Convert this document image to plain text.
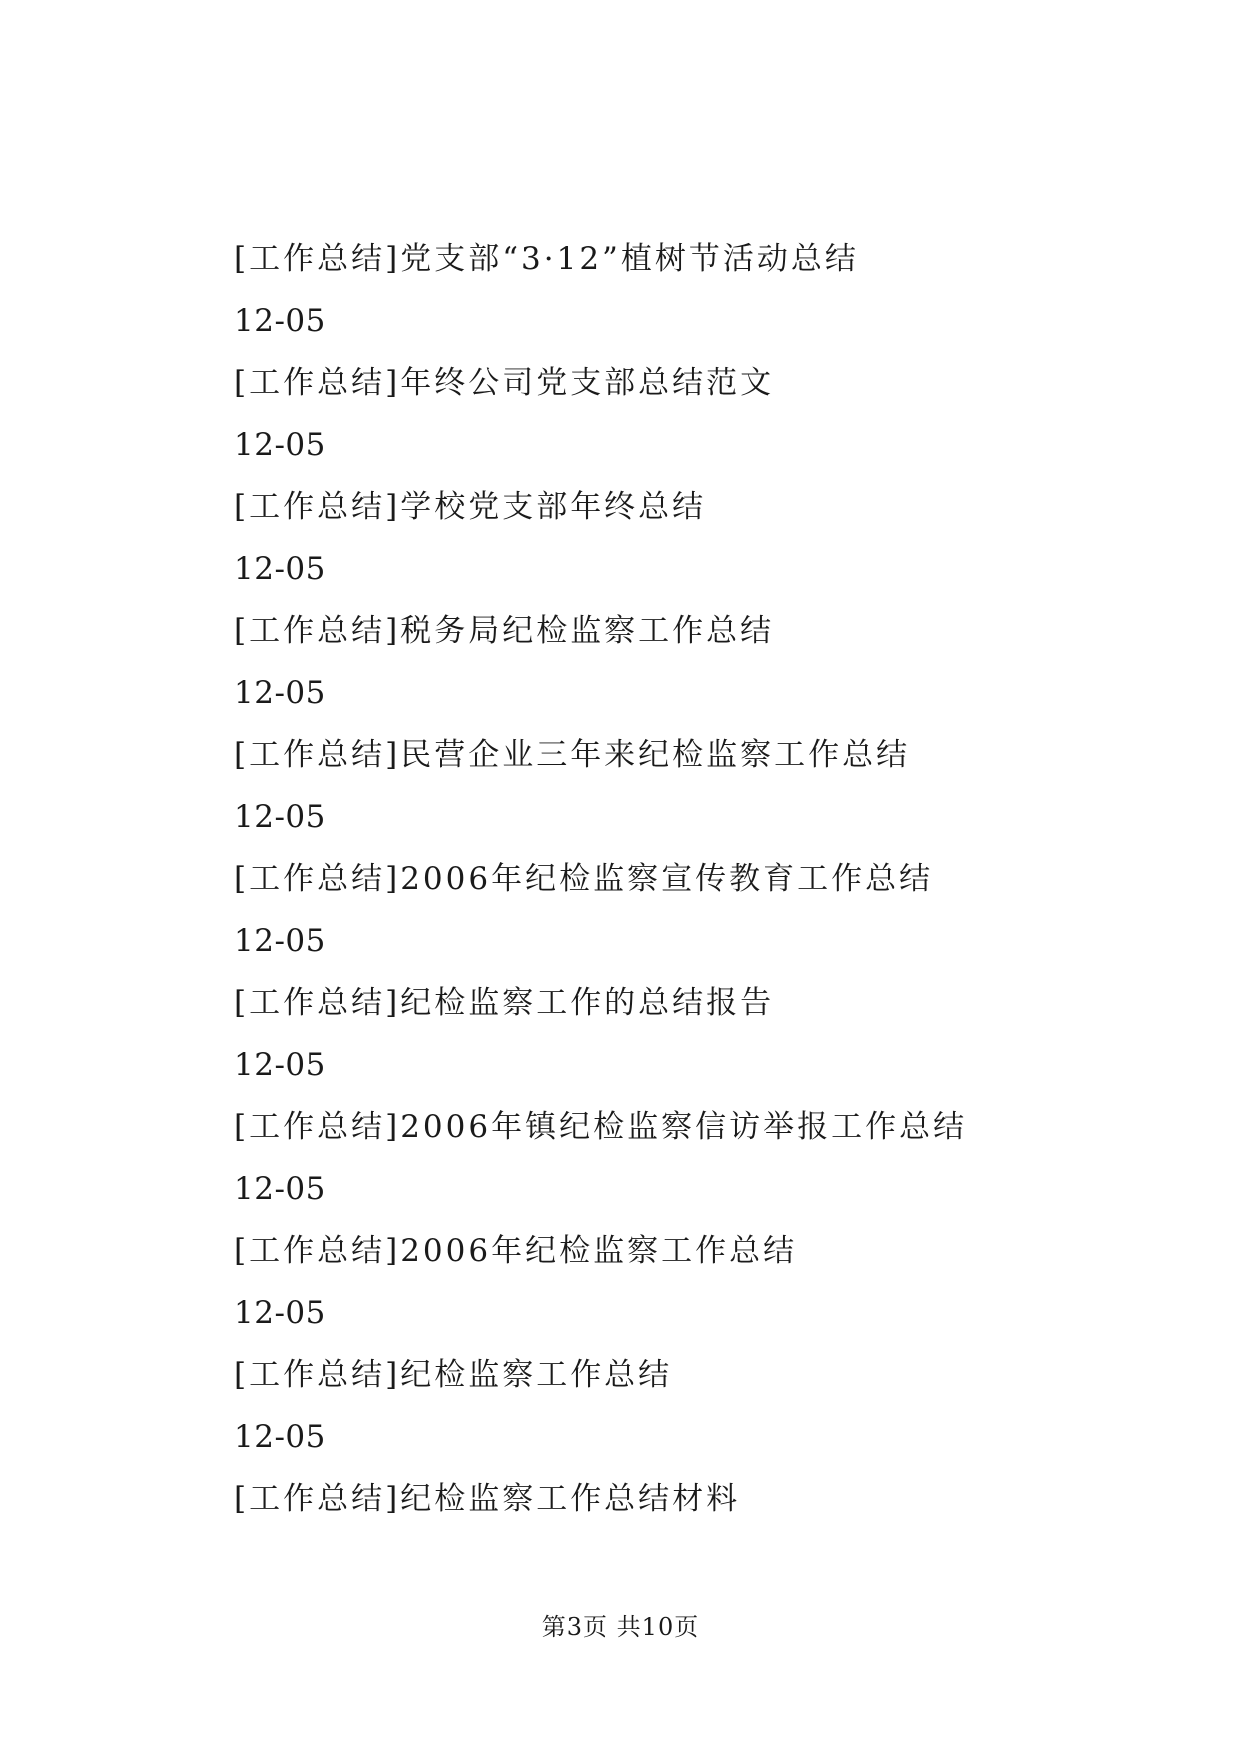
[工作总结]党支部“3·12”植树节活动总结
12-05
[工作总结]年终公司党支部总结范文
12-05
[工作总结]学校党支部年终总结
12-05
[工作总结]税务局纪检监察工作总结
12-05
[工作总结]民营企业三年来纪检监察工作总结
12-05
[工作总结]2006年纪检监察宣传教育工作总结
12-05
[工作总结]纪检监察工作的总结报告
12-05
[工作总结]2006年镇纪检监察信访举报工作总结
12-05
[工作总结]2006年纪检监察工作总结
12-05
[工作总结]纪检监察工作总结
12-05
[工作总结]纪检监察工作总结材料
第3页 共10页
